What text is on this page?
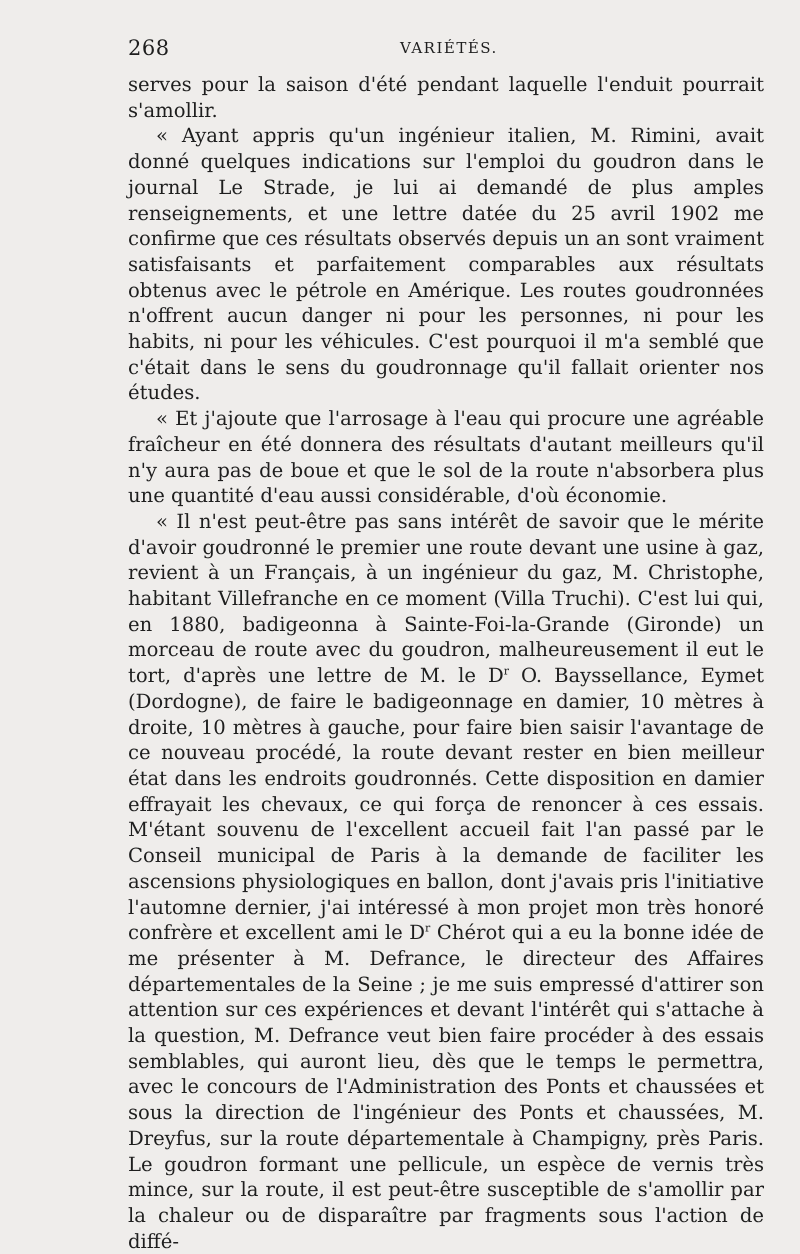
268	VARIÉTÉS.

serves pour la saison d'été pendant laquelle l'enduit pourrait s'amollir.

« Ayant appris qu'un ingénieur italien, M. Rimini, avait donné quelques indications sur l'emploi du goudron dans le journal Le Strade, je lui ai demandé de plus amples renseignements, et une lettre datée du 25 avril 1902 me confirme que ces résultats observés depuis un an sont vraiment satisfaisants et parfaitement comparables aux résultats obtenus avec le pétrole en Amérique. Les routes goudronnées n'offrent aucun danger ni pour les personnes, ni pour les habits, ni pour les véhicules. C'est pourquoi il m'a semblé que c'était dans le sens du goudronnage qu'il fallait orienter nos études.

« Et j'ajoute que l'arrosage à l'eau qui procure une agréable fraîcheur en été donnera des résultats d'autant meilleurs qu'il n'y aura pas de boue et que le sol de la route n'absorbera plus une quantité d'eau aussi considérable, d'où économie.

« Il n'est peut-être pas sans intérêt de savoir que le mérite d'avoir goudronné le premier une route devant une usine à gaz, revient à un Français, à un ingénieur du gaz, M. Christophe, habitant Villefranche en ce moment (Villa Truchi). C'est lui qui, en 1880, badigeonna à Sainte-Foi-la-Grande (Gironde) un morceau de route avec du goudron, malheureusement il eut le tort, d'après une lettre de M. le $D^r$ O. Bayssellance, Eymet (Dordogne), de faire le badigeonnage en damier, 10 mètres à droite, 10 mètres à gauche, pour faire bien saisir l'avantage de ce nouveau procédé, la route devant rester en bien meilleur état dans les endroits goudronnés. Cette disposition en damier effrayait les chevaux, ce qui força de renoncer à ces essais. M'étant souvenu de l'excellent accueil fait l'an passé par le Conseil municipal de Paris à la demande de faciliter les ascensions physiologiques en ballon, dont j'avais pris l'initiative l'automne dernier, j'ai intéressé à mon projet mon très honoré confrère et excellent ami le $D^r$ Chérot qui a eu la bonne idée de me présenter à M. Defrance, le directeur des Affaires départementales de la Seine ; je me suis empressé d'attirer son attention sur ces expériences et devant l'intérêt qui s'attache à la question, M. Defrance veut bien faire procéder à des essais semblables, qui auront lieu, dès que le temps le permettra, avec le concours de l'Administration des Ponts et chaussées et sous la direction de l'ingénieur des Ponts et chaussées, M. Dreyfus, sur la route départementale à Champigny, près Paris. Le goudron formant une pellicule, un espèce de vernis très mince, sur la route, il est peut-être susceptible de s'amollir par la chaleur ou de disparaître par fragments sous l'action de diffé-
